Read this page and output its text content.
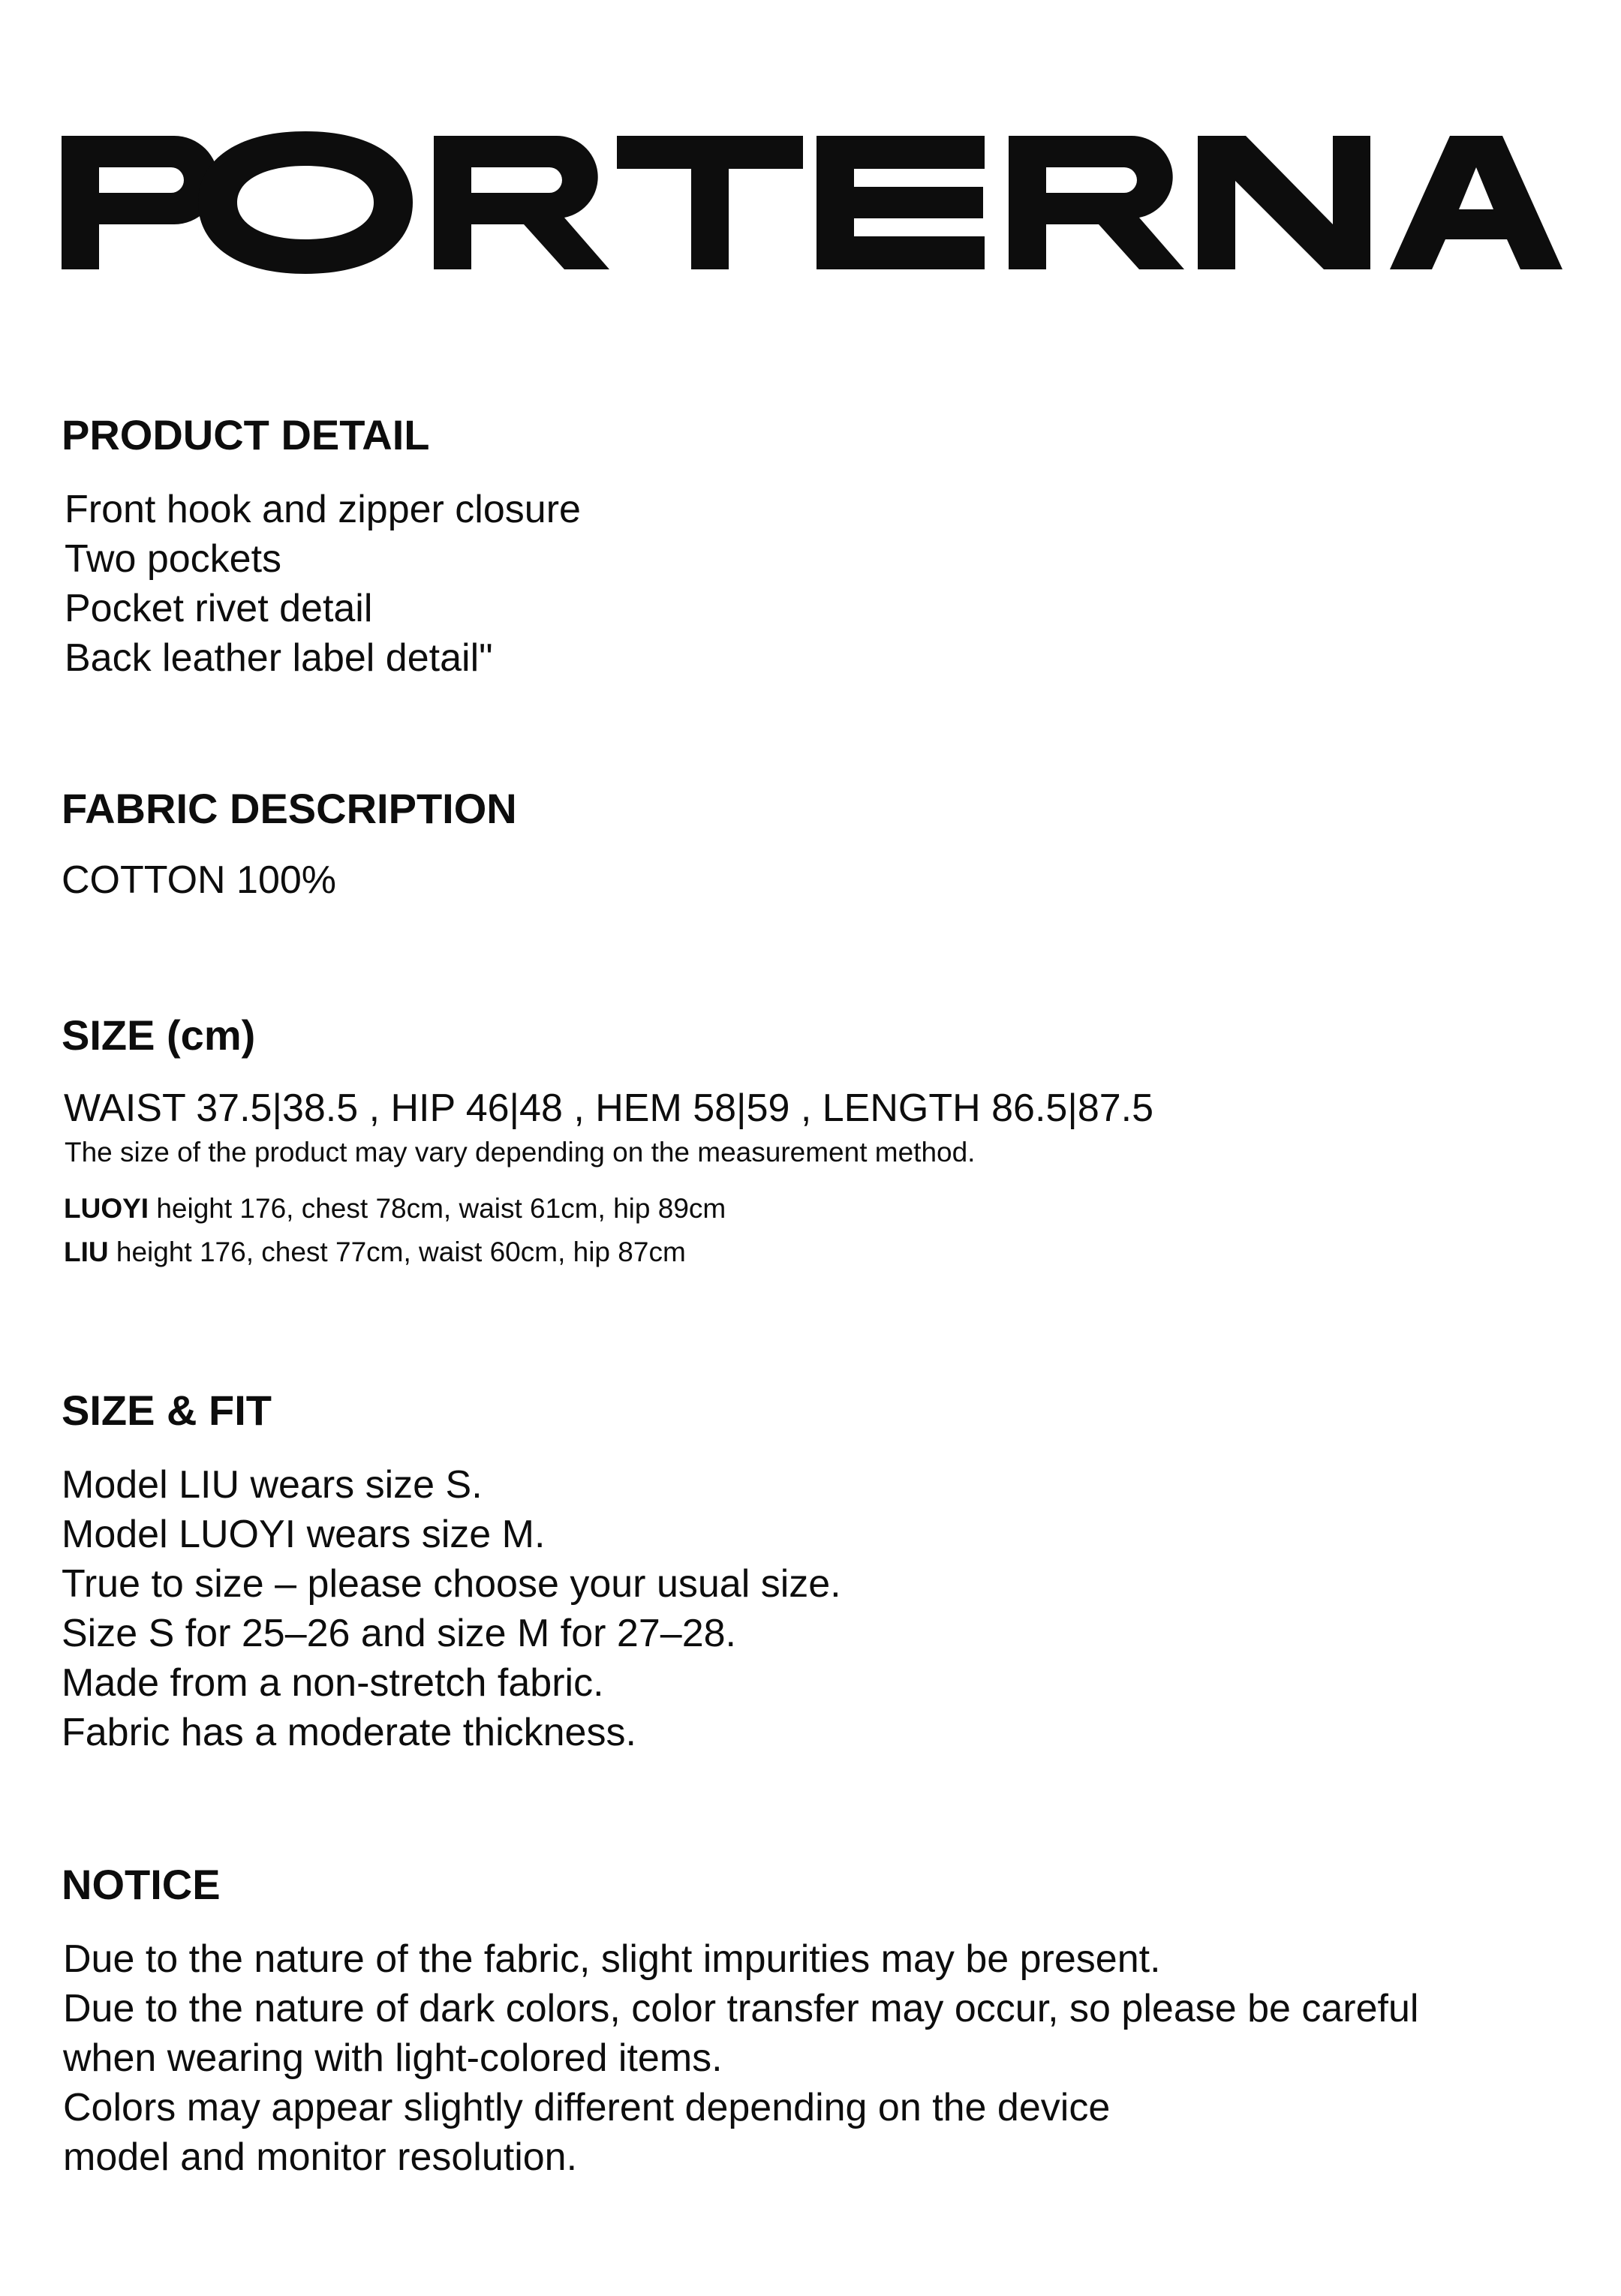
PRODUCT DETAIL
Front hook and zipper closure
Two pockets
Pocket rivet detail
Back leather label detail"
FABRIC DESCRIPTION
COTTON 100%
SIZE (cm)
WAIST 37.5|38.5 , HIP 46|48 , HEM 58|59 , LENGTH 86.5|87.5
The size of the product may vary depending on the measurement method.
LUOYI height 176, chest 78cm, waist 61cm, hip 89cm
LIU height 176, chest 77cm, waist 60cm, hip 87cm
SIZE & FIT
Model LIU wears size S.
Model LUOYI wears size M.
True to size – please choose your usual size.
Size S for 25–26 and size M for 27–28.
Made from a non-stretch fabric.
Fabric has a moderate thickness.
NOTICE
Due to the nature of the fabric, slight impurities may be present.
Due to the nature of dark colors, color transfer may occur, so please be careful
when wearing with light-colored items.
Colors may appear slightly different depending on the device
model and monitor resolution.
